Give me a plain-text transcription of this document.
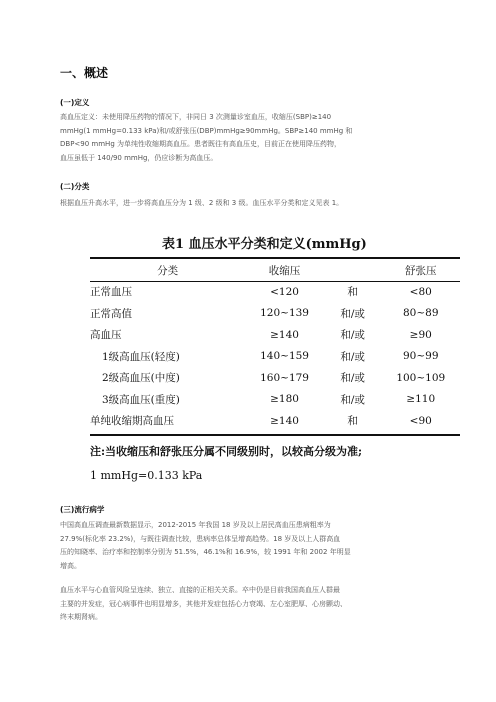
一、概述
(一)定义
高血压定义：未使用降压药物的情况下，非同日 3 次测量诊室血压，收缩压(SBP)≥140
mmHg(1 mmHg=0.133 kPa)和/或舒张压(DBP)mmHg≥90mmHg。SBP≥140 mmHg 和
DBP<90 mmHg 为单纯性收缩期高血压。患者既往有高血压史，目前正在使用降压药物，
血压虽低于 140/90 mmHg，仍应诊断为高血压。
(二)分类
根据血压升高水平，进一步将高血压分为 1 级、2 级和 3 级。血压水平分类和定义见表 1。
表1 血压水平分类和定义(mmHg)
分类	收缩压		舒张压
正常血压	<120	和	<80
正常高值	120~139	和/或	80~89
高血压	≥140	和/或	≥90
1级高血压(轻度)	140~159	和/或	90~99
2级高血压(中度)	160~179	和/或	100~109
3级高血压(重度)	≥180	和/或	≥110
单纯收缩期高血压	≥140	和	<90
注:当收缩压和舒张压分属不同级别时，以较高分级为准;
1 mmHg=0.133 kPa
(三)流行病学
中国高血压调查最新数据显示，2012-2015 年我国 18 岁及以上居民高血压患病粗率为
27.9%(标化率 23.2%)，与既往调查比较，患病率总体呈增高趋势。18 岁及以上人群高血
压的知晓率、治疗率和控制率分别为 51.5%，46.1%和 16.9%，较 1991 年和 2002 年明显
增高。
血压水平与心血管风险呈连续、独立、直接的正相关关系。卒中仍是目前我国高血压人群最
主要的并发症，冠心病事件也明显增多，其他并发症包括心力衰竭、左心室肥厚、心房颤动、
终末期肾病。
